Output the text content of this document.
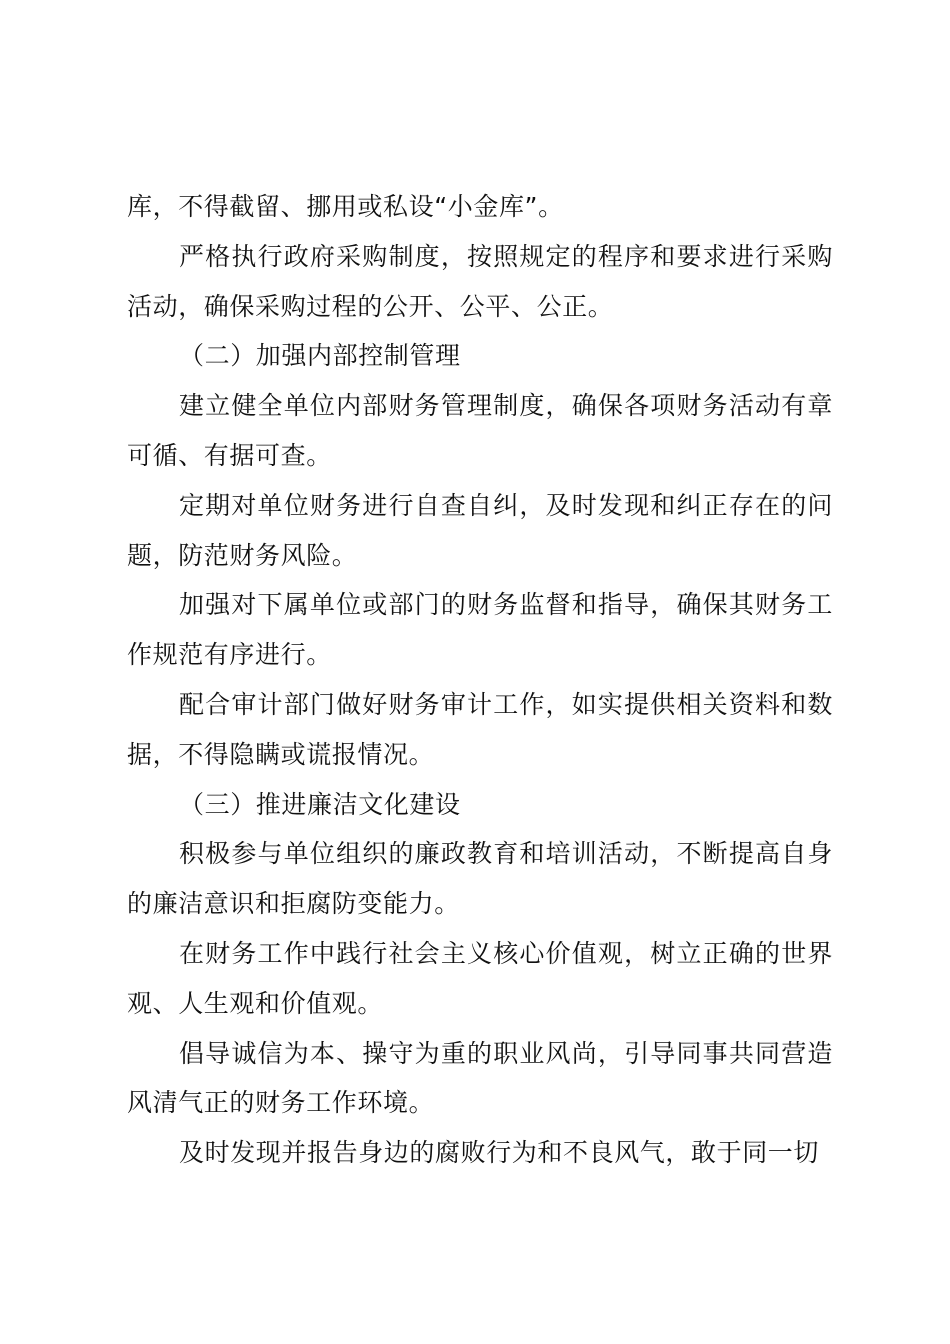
库，不得截留、挪用或私设“小金库”。

严格执行政府采购制度，按照规定的程序和要求进行采购活动，确保采购过程的公开、公平、公正。

（二）加强内部控制管理

建立健全单位内部财务管理制度，确保各项财务活动有章可循、有据可查。

定期对单位财务进行自查自纠，及时发现和纠正存在的问题，防范财务风险。

加强对下属单位或部门的财务监督和指导，确保其财务工作规范有序进行。

配合审计部门做好财务审计工作，如实提供相关资料和数据，不得隐瞒或谎报情况。

（三）推进廉洁文化建设

积极参与单位组织的廉政教育和培训活动，不断提高自身的廉洁意识和拒腐防变能力。

在财务工作中践行社会主义核心价值观，树立正确的世界观、人生观和价值观。

倡导诚信为本、操守为重的职业风尚，引导同事共同营造风清气正的财务工作环境。

及时发现并报告身边的腐败行为和不良风气，敢于同一切
